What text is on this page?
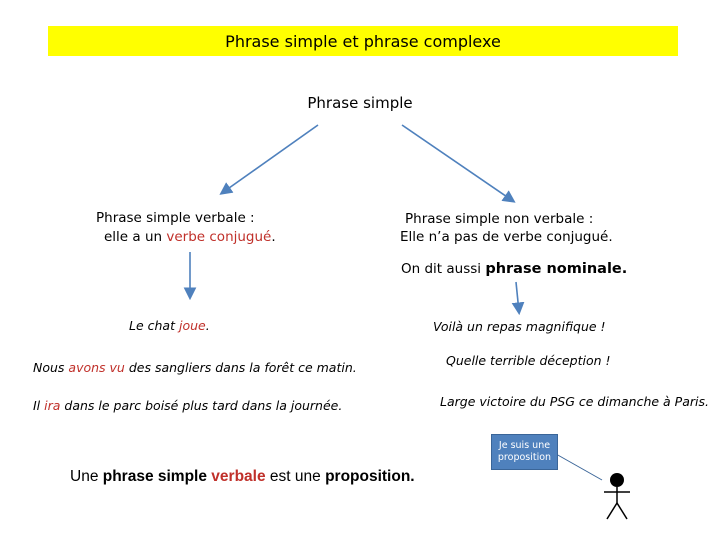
Phrase simple et phrase complexe
Phrase simple
Phrase simple verbale :
elle a un verbe conjugué.
Phrase simple non verbale :
Elle n’a pas de verbe conjugué.
On dit aussi phrase nominale.
Le chat joue.
Nous avons vu des sangliers dans la forêt ce matin.
Il ira dans le parc boisé plus tard dans la journée.
Voilà un repas magnifique !
Quelle terrible déception !
Large victoire du PSG ce dimanche à Paris.
Je suis une proposition
Une phrase simple verbale est une proposition.
